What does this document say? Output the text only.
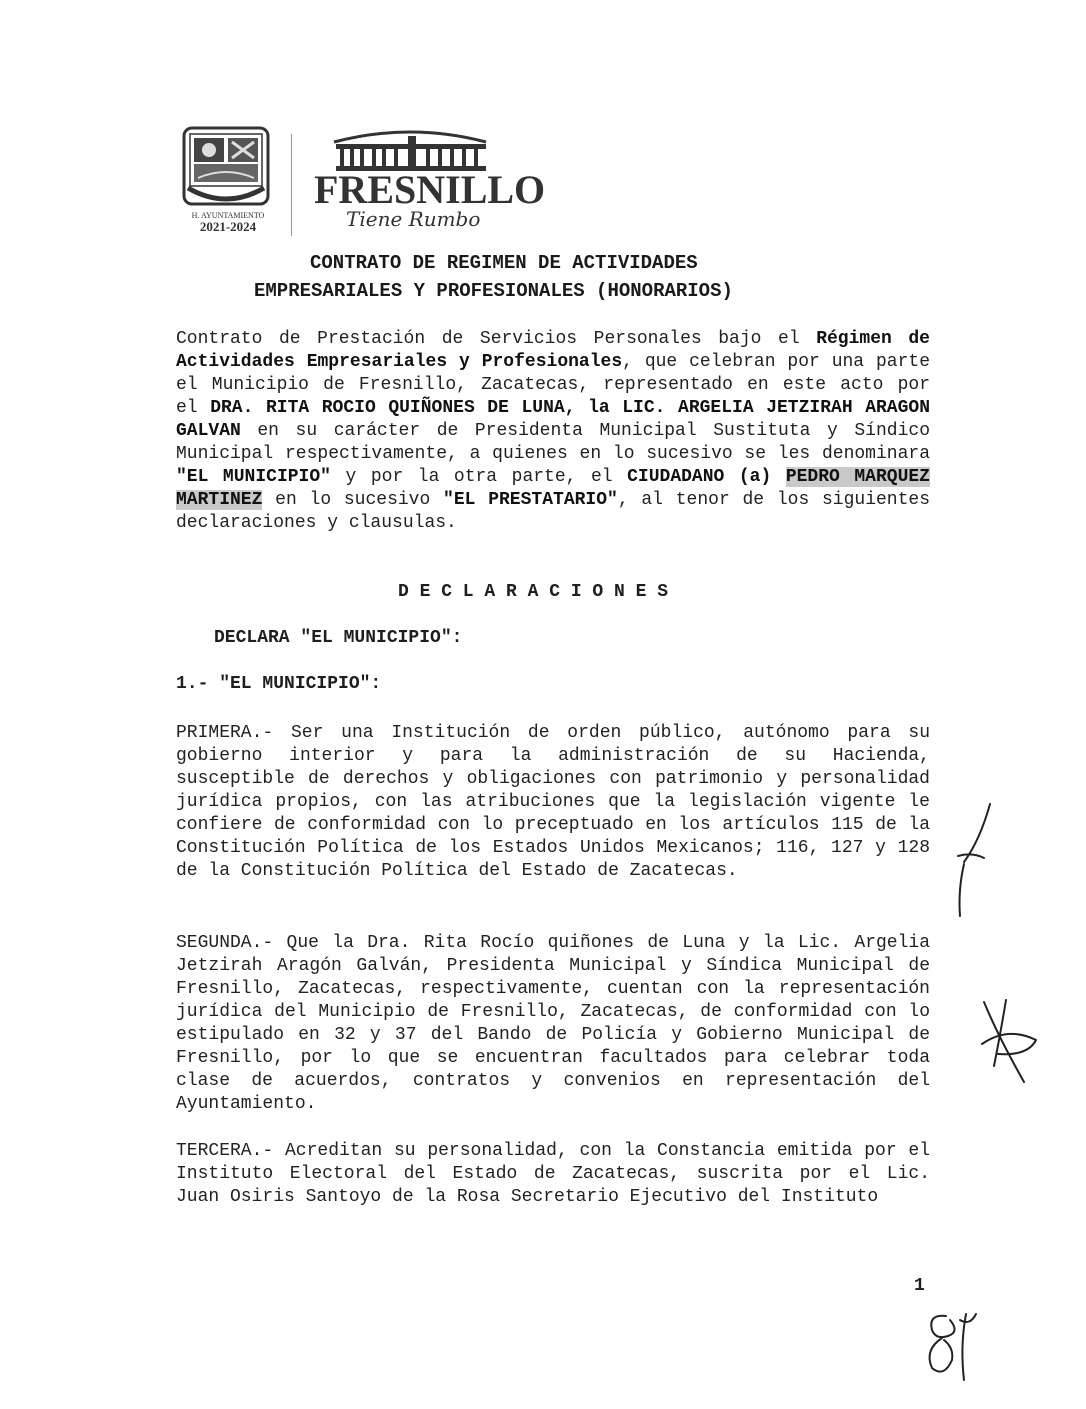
H. AYUNTAMIENTO
2021-2024
FRESNILLO
Tiene Rumbo
CONTRATO DE REGIMEN DE ACTIVIDADES
EMPRESARIALES Y PROFESIONALES (HONORARIOS)
Contrato de Prestación de Servicios Personales bajo el Régimen de Actividades Empresariales y Profesionales, que celebran por una parte el Municipio de Fresnillo, Zacatecas, representado en este acto por el DRA. RITA ROCIO QUIÑONES DE LUNA, la LIC. ARGELIA JETZIRAH ARAGON GALVAN en su carácter de Presidenta Municipal Sustituta y Síndico Municipal respectivamente, a quienes en lo sucesivo se les denominara "EL MUNICIPIO" y por la otra parte, el CIUDADANO (a) PEDRO MARQUEZ MARTINEZ en lo sucesivo "EL PRESTATARIO", al tenor de los siguientes declaraciones y clausulas.
DECLARACIONES
DECLARA "EL MUNICIPIO":
1.- "EL MUNICIPIO":
PRIMERA.- Ser una Institución de orden público, autónomo para su gobierno interior y para la administración de su Hacienda, susceptible de derechos y obligaciones con patrimonio y personalidad jurídica propios, con las atribuciones que la legislación vigente le confiere de conformidad con lo preceptuado en los artículos 115 de la Constitución Política de los Estados Unidos Mexicanos; 116, 127 y 128 de la Constitución Política del Estado de Zacatecas.
SEGUNDA.- Que la Dra. Rita Rocío quiñones de Luna y la Lic. Argelia Jetzirah Aragón Galván, Presidenta Municipal y Síndica Municipal de Fresnillo, Zacatecas, respectivamente, cuentan con la representación jurídica del Municipio de Fresnillo, Zacatecas, de conformidad con lo estipulado en 32 y 37 del Bando de Policía y Gobierno Municipal de Fresnillo, por lo que se encuentran facultados para celebrar toda clase de acuerdos, contratos y convenios en representación del Ayuntamiento.
TERCERA.- Acreditan su personalidad, con la Constancia emitida por el Instituto Electoral del Estado de Zacatecas, suscrita por el Lic. Juan Osiris Santoyo de la Rosa Secretario Ejecutivo del Instituto
1
